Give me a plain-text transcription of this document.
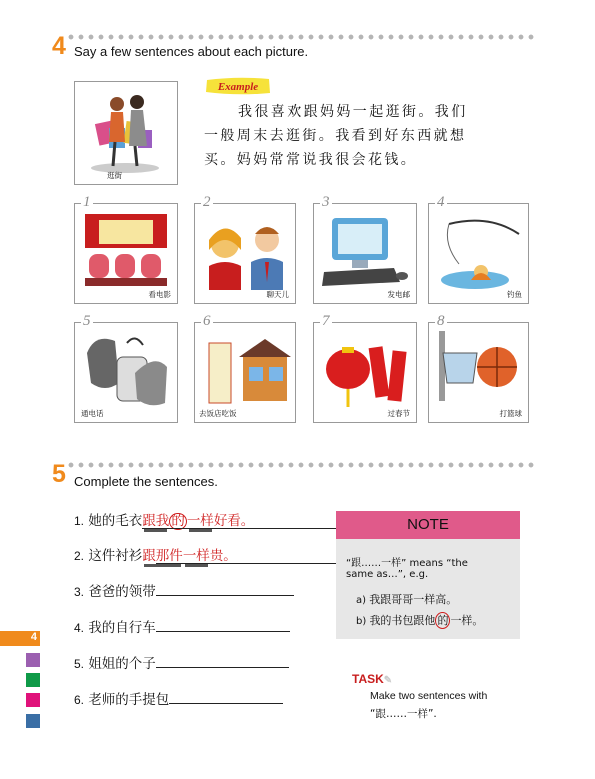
4 Say a few sentences about each picture.
逛街
Example
我很喜欢跟妈妈一起逛街。我们
一般周末去逛街。我看到好东西就想
买。妈妈常常说我很会花钱。
1
看电影
2
聊天儿
3
发电邮
4
钓鱼
5
通电话
6
去饭店吃饭
7
过春节
8
打篮球
5 Complete the sentences.
1. 她的毛衣跟我 的 一样好看。
2. 这件衬衫跟那件一样贵。
3. 爸爸的领带
4. 我的自行车
5. 姐姐的个子
6. 老师的手提包
NOTE
“跟……一样” means “the
same as…”, e.g.
a) 我跟哥哥一样高。
b) 我的书包跟他 的 一样。
TASK✎
Make two sentences with
“跟……一样”.
4
